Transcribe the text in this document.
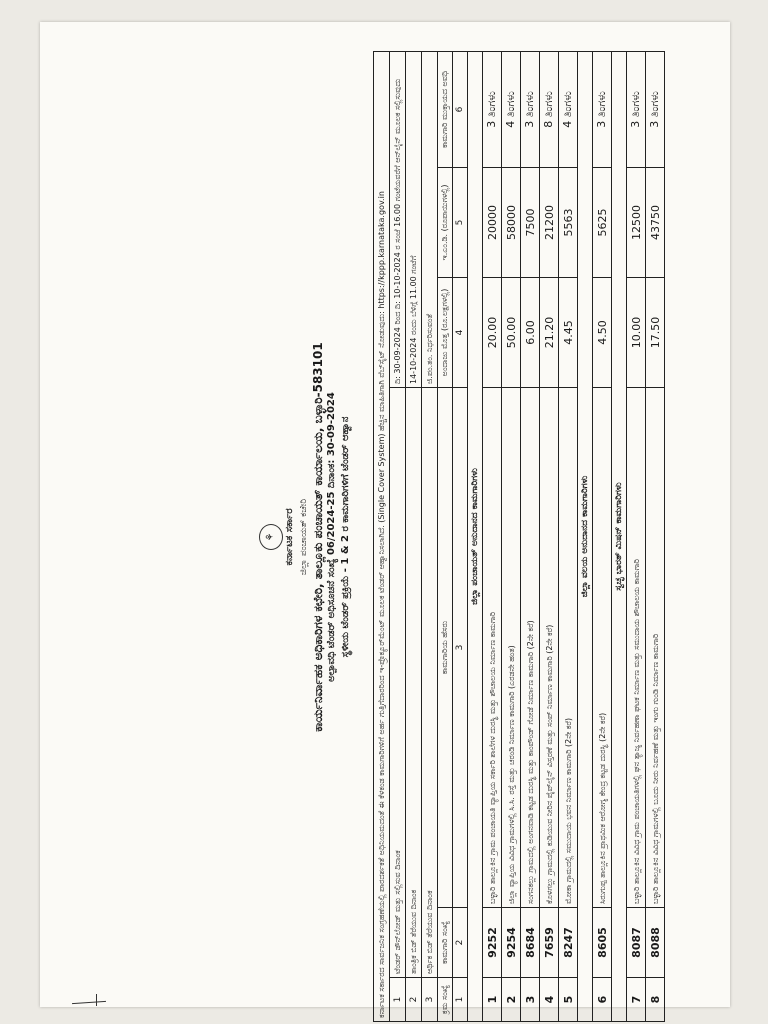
⚘ ಕರ್ನಾಟಕ ಸರ್ಕಾರ ಜಿಲ್ಲಾ ಪಂಚಾಯತ್ ಕಚೇರಿ ಕಾರ್ಯನಿರ್ವಾಹಕ ಅಧಿಕಾರಿಗಳ ಕಛೇರಿ, ತಾಲ್ಲೂಕು ಪಂಚಾಯತ್ ಕಾರ್ಯಾಲಯ, ಬಳ್ಳಾರಿ-583101 ಅಲ್ಪಾವಧಿ ಟೆಂಡರ್ ಅಧಿಸೂಚನೆ ಸಂಖ್ಯೆ 06/2024-25 ದಿನಾಂಕ: 30-09-2024 ಸ್ಥಳೀಯ ಟೆಂಡರ್ ಪ್ರಕ್ರಿಯೆ - 1 & 2 ರ ಕಾಮಗಾರಿಗಳಿಗೆ ಟೆಂಡರ್ ಆಹ್ವಾನ	ಕರ್ನಾಟಕ ಸರ್ಕಾರದ ಸಾರ್ವಜನಿಕ ಸಂಗ್ರಹಣೆಯಲ್ಲಿ ಪಾರದರ್ಶಕತೆ ಅಧಿನಿಯಮದಂತೆ ಈ ಕೆಳಕಂಡ ಕಾಮಗಾರಿಗಳಿಗೆ ಅರ್ಹ ಗುತ್ತಿಗೆದಾರರಿಂದ ಇ-ಪ್ರೊಕ್ಯೂರ್‌ಮೆಂಟ್ ಮೂಲಕ ಟೆಂಡರ್ ಆಹ್ವಾನಿಸಲಾಗಿದೆ. (Single Cover System) ಹೆಚ್ಚಿನ ಮಾಹಿತಿಗಾಗಿ ವೆಬ್‌ಸೈಟ್ ನೋಡುವುದು: https://kppp.karnataka.gov.in					
1	ಟೆಂಡರ್ ಡೌನ್‌ಲೋಡ್ ಮತ್ತು ಸಲ್ಲಿಸುವ ದಿನಾಂಕ		ದಿ: 30-09-2024 ರಿಂದ ದಿ: 10-10-2024 ರ ಸಂಜೆ 16.00 ಗಂಟೆಯವರೆಗೆ ಆನ್‌ಲೈನ್ ಮೂಲಕ ಸಲ್ಲಿಸುವುದು		
2	ತಾಂತ್ರಿಕ ಬಿಡ್ ತೆರೆಯುವ ದಿನಾಂಕ		14-10-2024 ರಂದು ಬೆಳಿಗ್ಗೆ 11.00 ಗಂಟೆಗೆ		
3	ಆರ್ಥಿಕ ಬಿಡ್ ತೆರೆಯುವ ದಿನಾಂಕ		ಜಿ.ಪಂ.ತಂ. ನಿರ್ಧರಿಸುವಂತೆ		
ಕ್ರಮ ಸಂಖ್ಯೆ	ಕಾಮಗಾರಿ ಸಂಖ್ಯೆ	ಕಾಮಗಾರಿಯ ಹೆಸರು	ಅಂದಾಜು ಮೊತ್ತ (ರೂ.ಲಕ್ಷಗಳಲ್ಲಿ)	ಇ.ಎಂ.ಡಿ. (ರೂಪಾಯಿಗಳಲ್ಲಿ)	ಕಾಮಗಾರಿ ಮುಕ್ತಾಯದ ಅವಧಿ
1	2	3	4	5	6
ಜಿಲ್ಲಾ ಪಂಚಾಯತ್ ಅನುದಾನದ ಕಾಮಗಾರಿಗಳು					
1	9252	ಬಳ್ಳಾರಿ ತಾಲ್ಲೂಕಿನ ಗ್ರಾಮ ಪಂಚಾಯತಿ ವ್ಯಾಪ್ತಿಯ ಸರ್ಕಾರಿ ಶಾಲೆಗಳ ದುರಸ್ಥಿ ಮತ್ತು ಶೌಚಾಲಯ ನಿರ್ಮಾಣ ಕಾಮಗಾರಿ	20.00	20000	3 ತಿಂಗಳು
2	9254	ಜಿಲ್ಲಾ ವ್ಯಾಪ್ತಿಯ ವಿವಿಧ ಗ್ರಾಮಗಳಲ್ಲಿ ಸಿ.ಸಿ. ರಸ್ತೆ ಮತ್ತು ಚರಂಡಿ ನಿರ್ಮಾಣ ಕಾಮಗಾರಿ (ಎರಡನೇ ಹಂತ)	50.00	58000	4 ತಿಂಗಳು
3	8684	ಸಂಗನಕಲ್ಲು ಗ್ರಾಮದಲ್ಲಿ ಅಂಗನವಾಡಿ ಕಟ್ಟಡ ದುರಸ್ಥಿ ಮತ್ತು ಕಾಂಪೌಂಡ್ ಗೋಡೆ ನಿರ್ಮಾಣ ಕಾಮಗಾರಿ (2ನೇ ಕರೆ)	6.00	7500	3 ತಿಂಗಳು
4	7659	ಕೊಳಗಲ್ಲು ಗ್ರಾಮದಲ್ಲಿ ಕುಡಿಯುವ ನೀರಿನ ಪೈಪ್‌ಲೈನ್ ವಿಸ್ತರಣೆ ಮತ್ತು ಸಂಪ್ ನಿರ್ಮಾಣ ಕಾಮಗಾರಿ (2ನೇ ಕರೆ)	21.20	21200	8 ತಿಂಗಳು
5	8247	ಮೋಕಾ ಗ್ರಾಮದಲ್ಲಿ ಸಮುದಾಯ ಭವನ ನಿರ್ಮಾಣ ಕಾಮಗಾರಿ (2ನೇ ಕರೆ)	4.45	5563	4 ತಿಂಗಳು
ಜಿಲ್ಲಾ ವಲಯ ಅನುದಾನದ ಕಾಮಗಾರಿಗಳು					
6	8605	ಸಿರುಗುಪ್ಪ ತಾಲ್ಲೂಕಿನ ಪ್ರಾಥಮಿಕ ಆರೋಗ್ಯ ಕೇಂದ್ರ ಕಟ್ಟಡ ದುರಸ್ಥಿ (2ನೇ ಕರೆ)	4.50	5625	3 ತಿಂಗಳು
ಸ್ವಚ್ಛ ಭಾರತ್ ಮಿಷನ್ ಕಾಮಗಾರಿಗಳು					
7	8087	ಬಳ್ಳಾರಿ ತಾಲ್ಲೂಕಿನ ವಿವಿಧ ಗ್ರಾಮ ಪಂಚಾಯತಿಗಳಲ್ಲಿ ಘನ ತ್ಯಾಜ್ಯ ನಿರ್ವಹಣಾ ಘಟಕ ನಿರ್ಮಾಣ ಮತ್ತು ಸಮುದಾಯ ಶೌಚಾಲಯ ಕಾಮಗಾರಿ	10.00	12500	3 ತಿಂಗಳು
8	8088	ಬಳ್ಳಾರಿ ತಾಲ್ಲೂಕಿನ ವಿವಿಧ ಗ್ರಾಮಗಳಲ್ಲಿ ಬೂದು ನೀರು ನಿರ್ವಹಣೆ ಮತ್ತು ಇಂಗು ಗುಂಡಿ ನಿರ್ಮಾಣ ಕಾಮಗಾರಿ	17.50	43750	3 ತಿಂಗಳು
